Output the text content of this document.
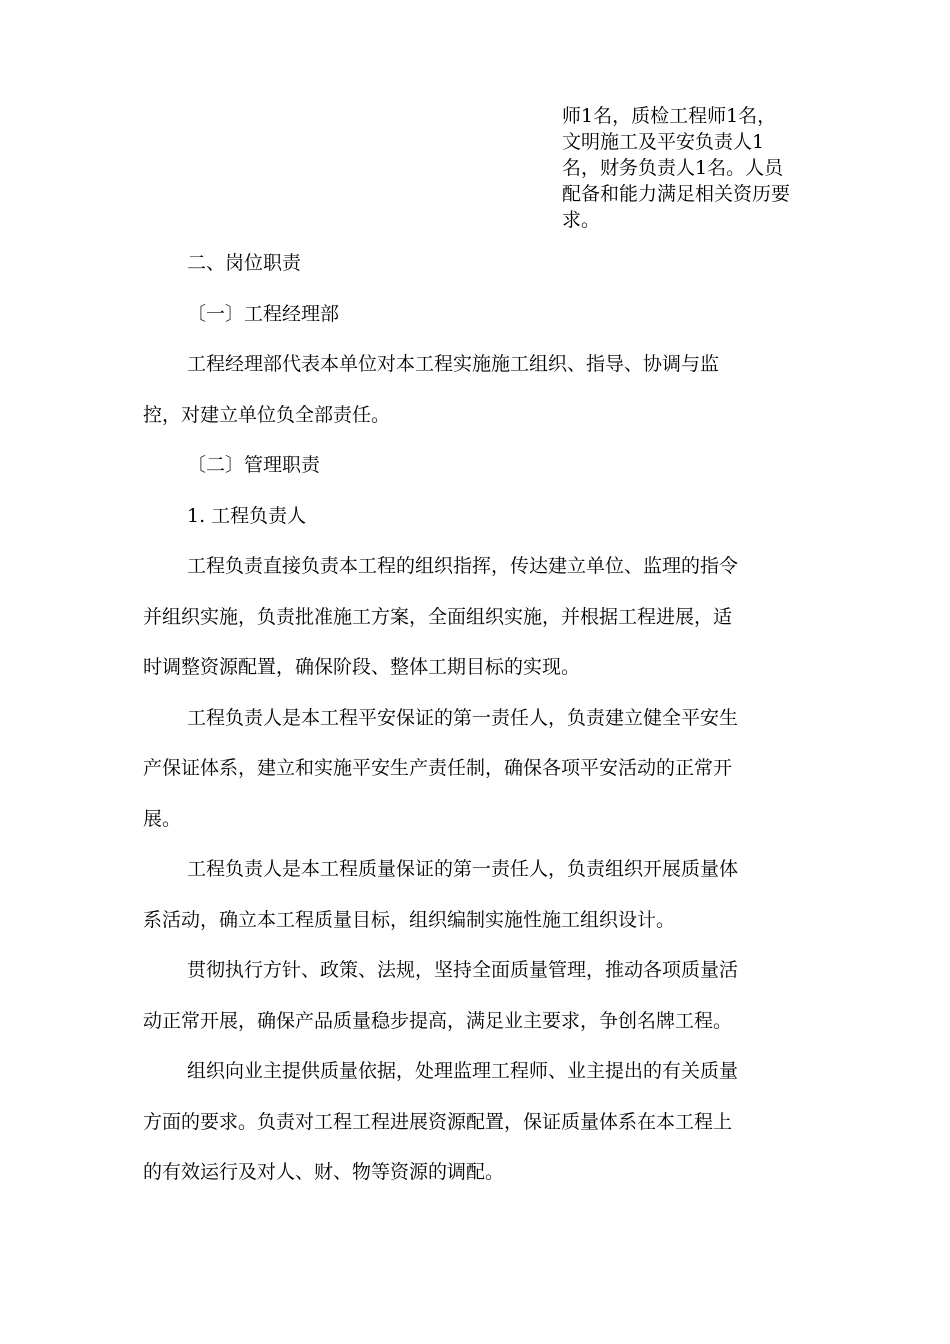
师1名，质检工程师1名，
文明施工及平安负责人1
名，财务负责人1名。人员
配备和能力满足相关资历要
求。

二、岗位职责

〔一〕工程经理部

工程经理部代表本单位对本工程实施施工组织、指导、协调与监
控，对建立单位负全部责任。

〔二〕管理职责

1. 工程负责人

工程负责直接负责本工程的组织指挥，传达建立单位、监理的指令
并组织实施，负责批准施工方案，全面组织实施，并根据工程进展，适
时调整资源配置，确保阶段、整体工期目标的实现。
工程负责人是本工程平安保证的第一责任人，负责建立健全平安生
产保证体系，建立和实施平安生产责任制，确保各项平安活动的正常开
展。
工程负责人是本工程质量保证的第一责任人，负责组织开展质量体
系活动，确立本工程质量目标，组织编制实施性施工组织设计。
贯彻执行方针、政策、法规，坚持全面质量管理，推动各项质量活
动正常开展，确保产品质量稳步提高，满足业主要求，争创名牌工程。
组织向业主提供质量依据，处理监理工程师、业主提出的有关质量
方面的要求。负责对工程工程进展资源配置，保证质量体系在本工程上
的有效运行及对人、财、物等资源的调配。
